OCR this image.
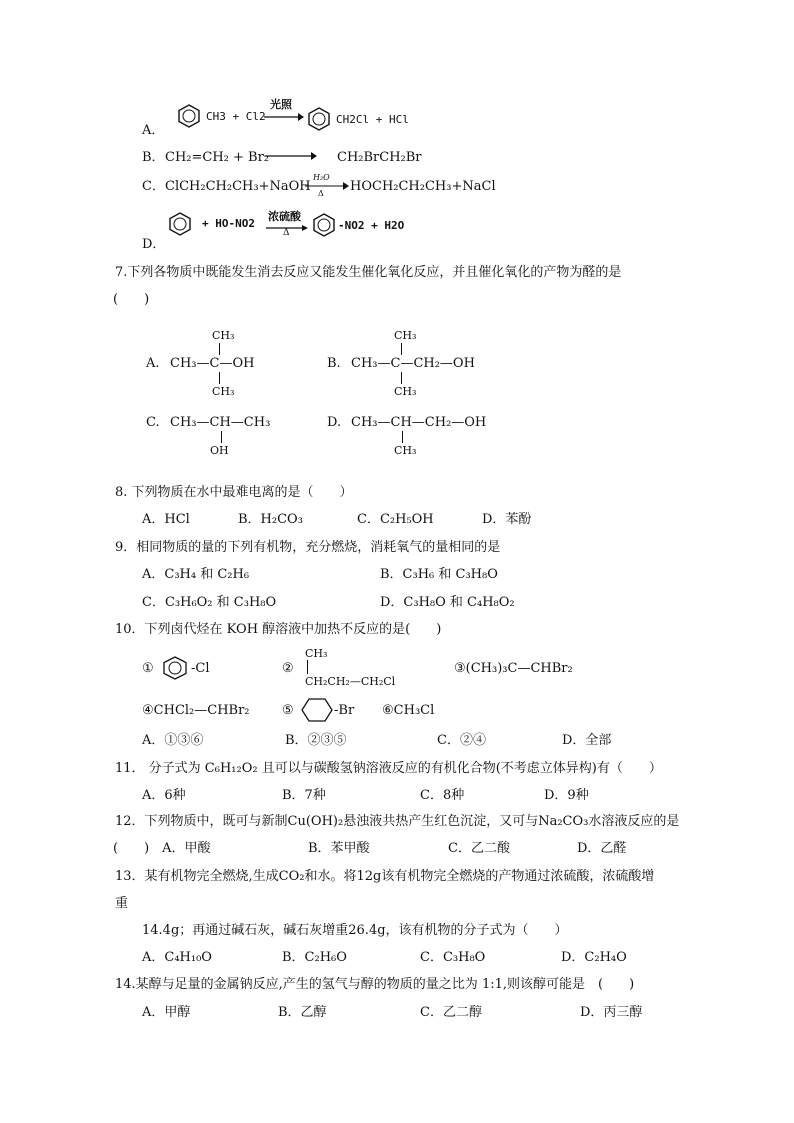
CH3 + Cl2
光照
CH2Cl + HCl
A．
B． CH₂=CH₂ + Br₂	CH₂BrCH₂Br
C． ClCH₂CH₂CH₃+NaOH
H₂O
Δ HOCH₂CH₂CH₃+NaCl
+ HO-NO2
浓硫酸
Δ
-NO2 + H2O
D．
7.下列各物质中既能发生消去反应又能发生催化氧化反应，并且催化氧化的产物为醛的是
(　　)
CH₃
A. CH₃—C—OH
CH₃
CH₃
B. CH₃—C—CH₂—OH
CH₃
C. CH₃—CH—CH₃
OH
D. CH₃—CH—CH₂—OH
CH₃
8. 下列物质在水中最难电离的是（　　）
A．HCl	B．H₂CO₃	C．C₂H₅OH	D．苯酚
9．相同物质的量的下列有机物，充分燃烧，消耗氧气的量相同的是
A．C₃H₄ 和 C₂H₆	B．C₃H₆ 和 C₃H₈O
C．C₃H₆O₂ 和 C₃H₈O	D．C₃H₈O 和 C₄H₈O₂
10．下列卤代烃在 KOH 醇溶液中加热不反应的是(　　)
①	-Cl	②
CH₃
CH₂CH₂—CH₂Cl
③(CH₃)₃C—CHBr₂
④CHCl₂—CHBr₂ ⑤	-Br ⑥CH₃Cl
A．①③⑥	B．②③⑤	C．②④	D．全部
11． 分子式为 C₆H₁₂O₂ 且可以与碳酸氢钠溶液反应的有机化合物(不考虑立体异构)有（　　）
A．6种	B．7种	C．8种	D．9种
12．下列物质中，既可与新制Cu(OH)₂悬浊液共热产生红色沉淀，又可与Na₂CO₃水溶液反应的是
(　　)　A．甲酸	B．苯甲酸	C．乙二酸	D．乙醛
13．某有机物完全燃烧,生成CO₂和水。将12g该有机物完全燃烧的产物通过浓硫酸，浓硫酸增
重
14.4g；再通过碱石灰，碱石灰增重26.4g，该有机物的分子式为（　　）
A．C₄H₁₀O	B．C₂H₆O	C．C₃H₈O	D．C₂H₄O
14.某醇与足量的金属钠反应,产生的氢气与醇的物质的量之比为 1:1,则该醇可能是　(　　)
A．甲醇	B．乙醇	C．乙二醇	D．丙三醇
